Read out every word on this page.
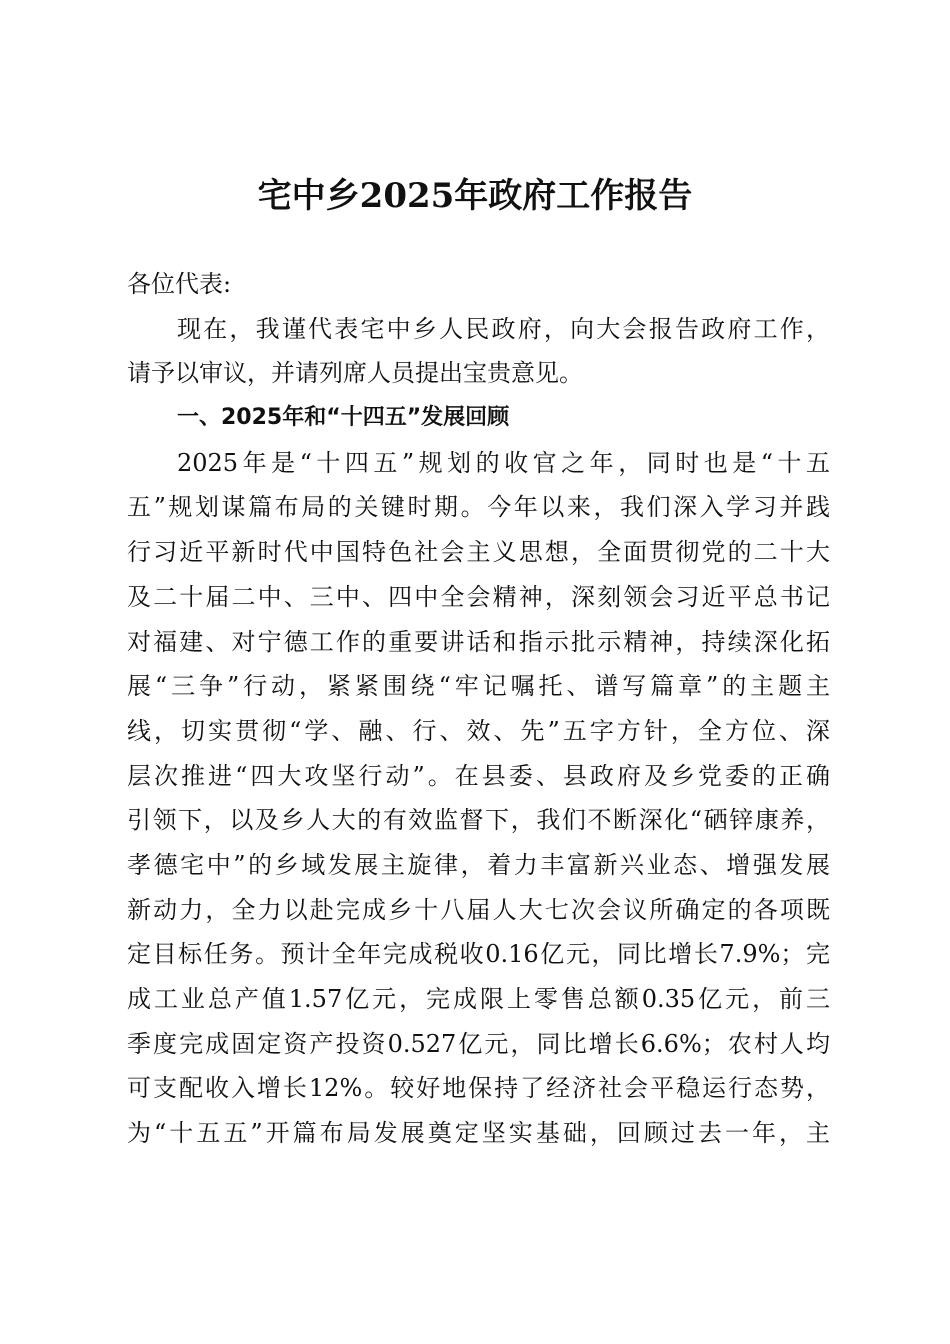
宅中乡2025年政府工作报告
各位代表:
现在，我谨代表宅中乡人民政府，向大会报告政府工作，
请予以审议，并请列席人员提出宝贵意见。
一、2025年和“十四五”发展回顾
2025年是“十四五”规划的收官之年，同时也是“十五
五”规划谋篇布局的关键时期。今年以来，我们深入学习并践
行习近平新时代中国特色社会主义思想，全面贯彻党的二十大
及二十届二中、三中、四中全会精神，深刻领会习近平总书记
对福建、对宁德工作的重要讲话和指示批示精神，持续深化拓
展“三争”行动，紧紧围绕“牢记嘱托、谱写篇章”的主题主
线，切实贯彻“学、融、行、效、先”五字方针，全方位、深
层次推进“四大攻坚行动”。在县委、县政府及乡党委的正确
引领下，以及乡人大的有效监督下，我们不断深化“硒锌康养，
孝德宅中”的乡域发展主旋律，着力丰富新兴业态、增强发展
新动力，全力以赴完成乡十八届人大七次会议所确定的各项既
定目标任务。预计全年完成税收0.16亿元，同比增长7.9%；完
成工业总产值1.57亿元，完成限上零售总额0.35亿元，前三
季度完成固定资产投资0.527亿元，同比增长6.6%；农村人均
可支配收入增长12%。较好地保持了经济社会平稳运行态势，
为“十五五”开篇布局发展奠定坚实基础，回顾过去一年，主
